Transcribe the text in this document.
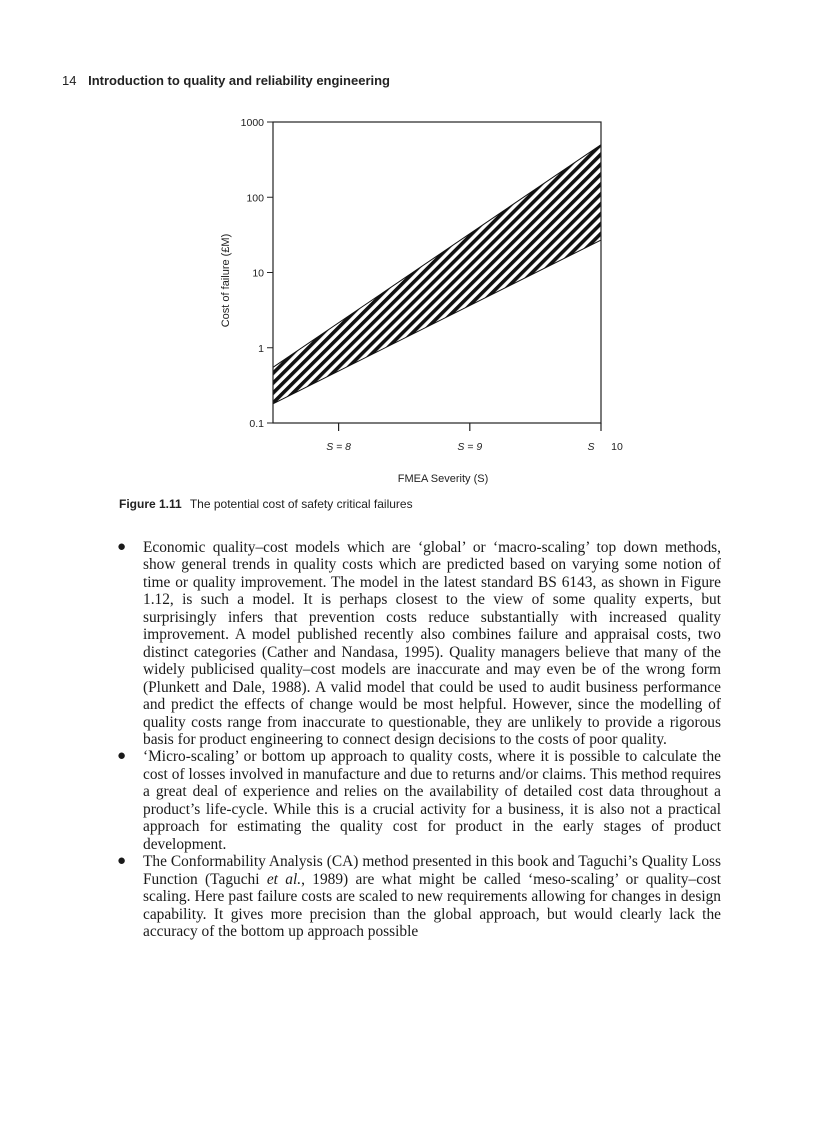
14 Introduction to quality and reliability engineering
1000
100
10
1
0.1
S = 8	S = 9	S 10
Cost of failure (£M)
FMEA Severity (S)
Figure 1.11 The potential cost of safety critical failures
● Economic quality–cost models which are ‘global’ or ‘macro-scaling’ top down methods, show general trends in quality costs which are predicted based on varying some notion of time or quality improvement. The model in the latest standard BS 6143, as shown in Figure 1.12, is such a model. It is perhaps closest to the view of some quality experts, but surprisingly infers that prevention costs reduce substantially with increased quality improvement. A model published recently also combines failure and appraisal costs, two distinct categories (Cather and Nandasa, 1995). Quality managers believe that many of the widely publicised quality–cost models are inaccurate and may even be of the wrong form (Plunkett and Dale, 1988). A valid model that could be used to audit business performance and predict the effects of change would be most helpful. However, since the modelling of quality costs range from inaccurate to questionable, they are unlikely to provide a rigorous basis for product engineering to connect design decisions to the costs of poor quality.

● ‘Micro-scaling’ or bottom up approach to quality costs, where it is possible to calculate the cost of losses involved in manufacture and due to returns and/or claims. This method requires a great deal of experience and relies on the availability of detailed cost data throughout a product’s life-cycle. While this is a crucial activity for a business, it is also not a practical approach for estimating the quality cost for product in the early stages of product development.

● The Conformability Analysis (CA) method presented in this book and Taguchi’s Quality Loss Function (Taguchi et al., 1989) are what might be called ‘meso-scaling’ or quality–cost scaling. Here past failure costs are scaled to new requirements allowing for changes in design capability. It gives more precision than the global approach, but would clearly lack the accuracy of the bottom up approach possible
